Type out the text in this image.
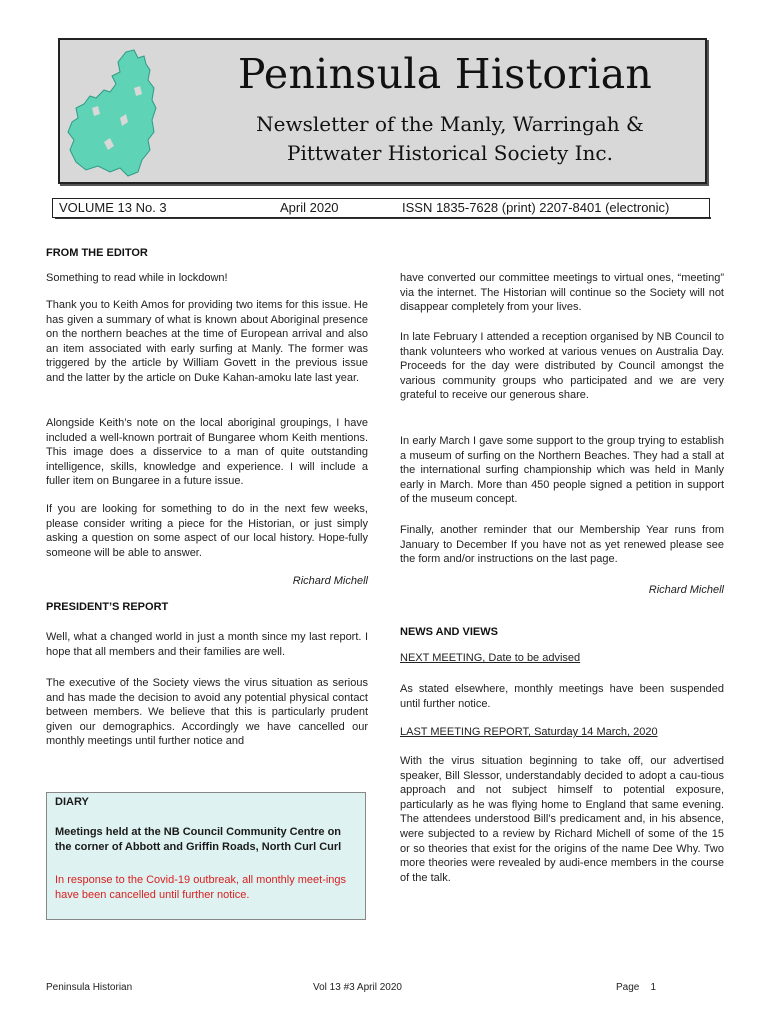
Peninsula Historian
Newsletter of the Manly, Warringah &
Pittwater Historical Society Inc.
VOLUME 13 No. 3	April 2020	ISSN 1835-7628 (print) 2207-8401 (electronic)
FROM THE EDITOR

Something to read while in lockdown!

Thank you to Keith Amos for providing two items for this issue. He has given a summary of what is known about Aboriginal presence on the northern beaches at the time of European arrival and also an item associated with early surfing at Manly. The former was triggered by the article by William Govett in the previous issue and the latter by the article on Duke Kahan-amoku late last year.

Alongside Keith’s note on the local aboriginal groupings, I have included a well-known portrait of Bungaree whom Keith mentions. This image does a disservice to a man of quite outstanding intelligence, skills, knowledge and experience. I will include a fuller item on Bungaree in a future issue.

If you are looking for something to do in the next few weeks, please consider writing a piece for the Historian, or just simply asking a question on some aspect of our local history. Hope-fully someone will be able to answer.

Richard Michell
PRESIDENT’S REPORT

Well, what a changed world in just a month since my last report. I hope that all members and their families are well.

The executive of the Society views the virus situation as serious and has made the decision to avoid any potential physical contact between members. We believe that this is particularly prudent given our demographics. Accordingly we have cancelled our monthly meetings until further notice and

DIARY
Meetings held at the NB Council Community Centre on the corner of Abbott and Griffin Roads, North Curl Curl
In response to the Covid-19 outbreak, all monthly meet-ings have been cancelled until further notice.

have converted our committee meetings to virtual ones, “meeting” via the internet. The Historian will continue so the Society will not disappear completely from your lives.

In late February I attended a reception organised by NB Council to thank volunteers who worked at various venues on Australia Day. Proceeds for the day were distributed by Council amongst the various community groups who participated and we are very grateful to receive our generous share.

In early March I gave some support to the group trying to establish a museum of surfing on the Northern Beaches. They had a stall at the international surfing championship which was held in Manly early in March. More than 450 people signed a petition in support of the museum concept.

Finally, another reminder that our Membership Year runs from January to December If you have not as yet renewed please see the form and/or instructions on the last page.

Richard Michell
NEWS AND VIEWS
NEXT MEETING, Date to be advised

As stated elsewhere, monthly meetings have been suspended until further notice.

LAST MEETING REPORT, Saturday 14 March, 2020

With the virus situation beginning to take off, our advertised speaker, Bill Slessor, understandably decided to adopt a cau-tious approach and not subject himself to potential exposure, particularly as he was flying home to England that same evening. The attendees understood Bill’s predicament and, in his absence, were subjected to a review by Richard Michell of some of the 15 or so theories that exist for the origins of the name Dee Why. Two more theories were revealed by audi-ence members in the course of the talk.

Peninsula Historian	Vol 13 #3 April 2020	Page    1
